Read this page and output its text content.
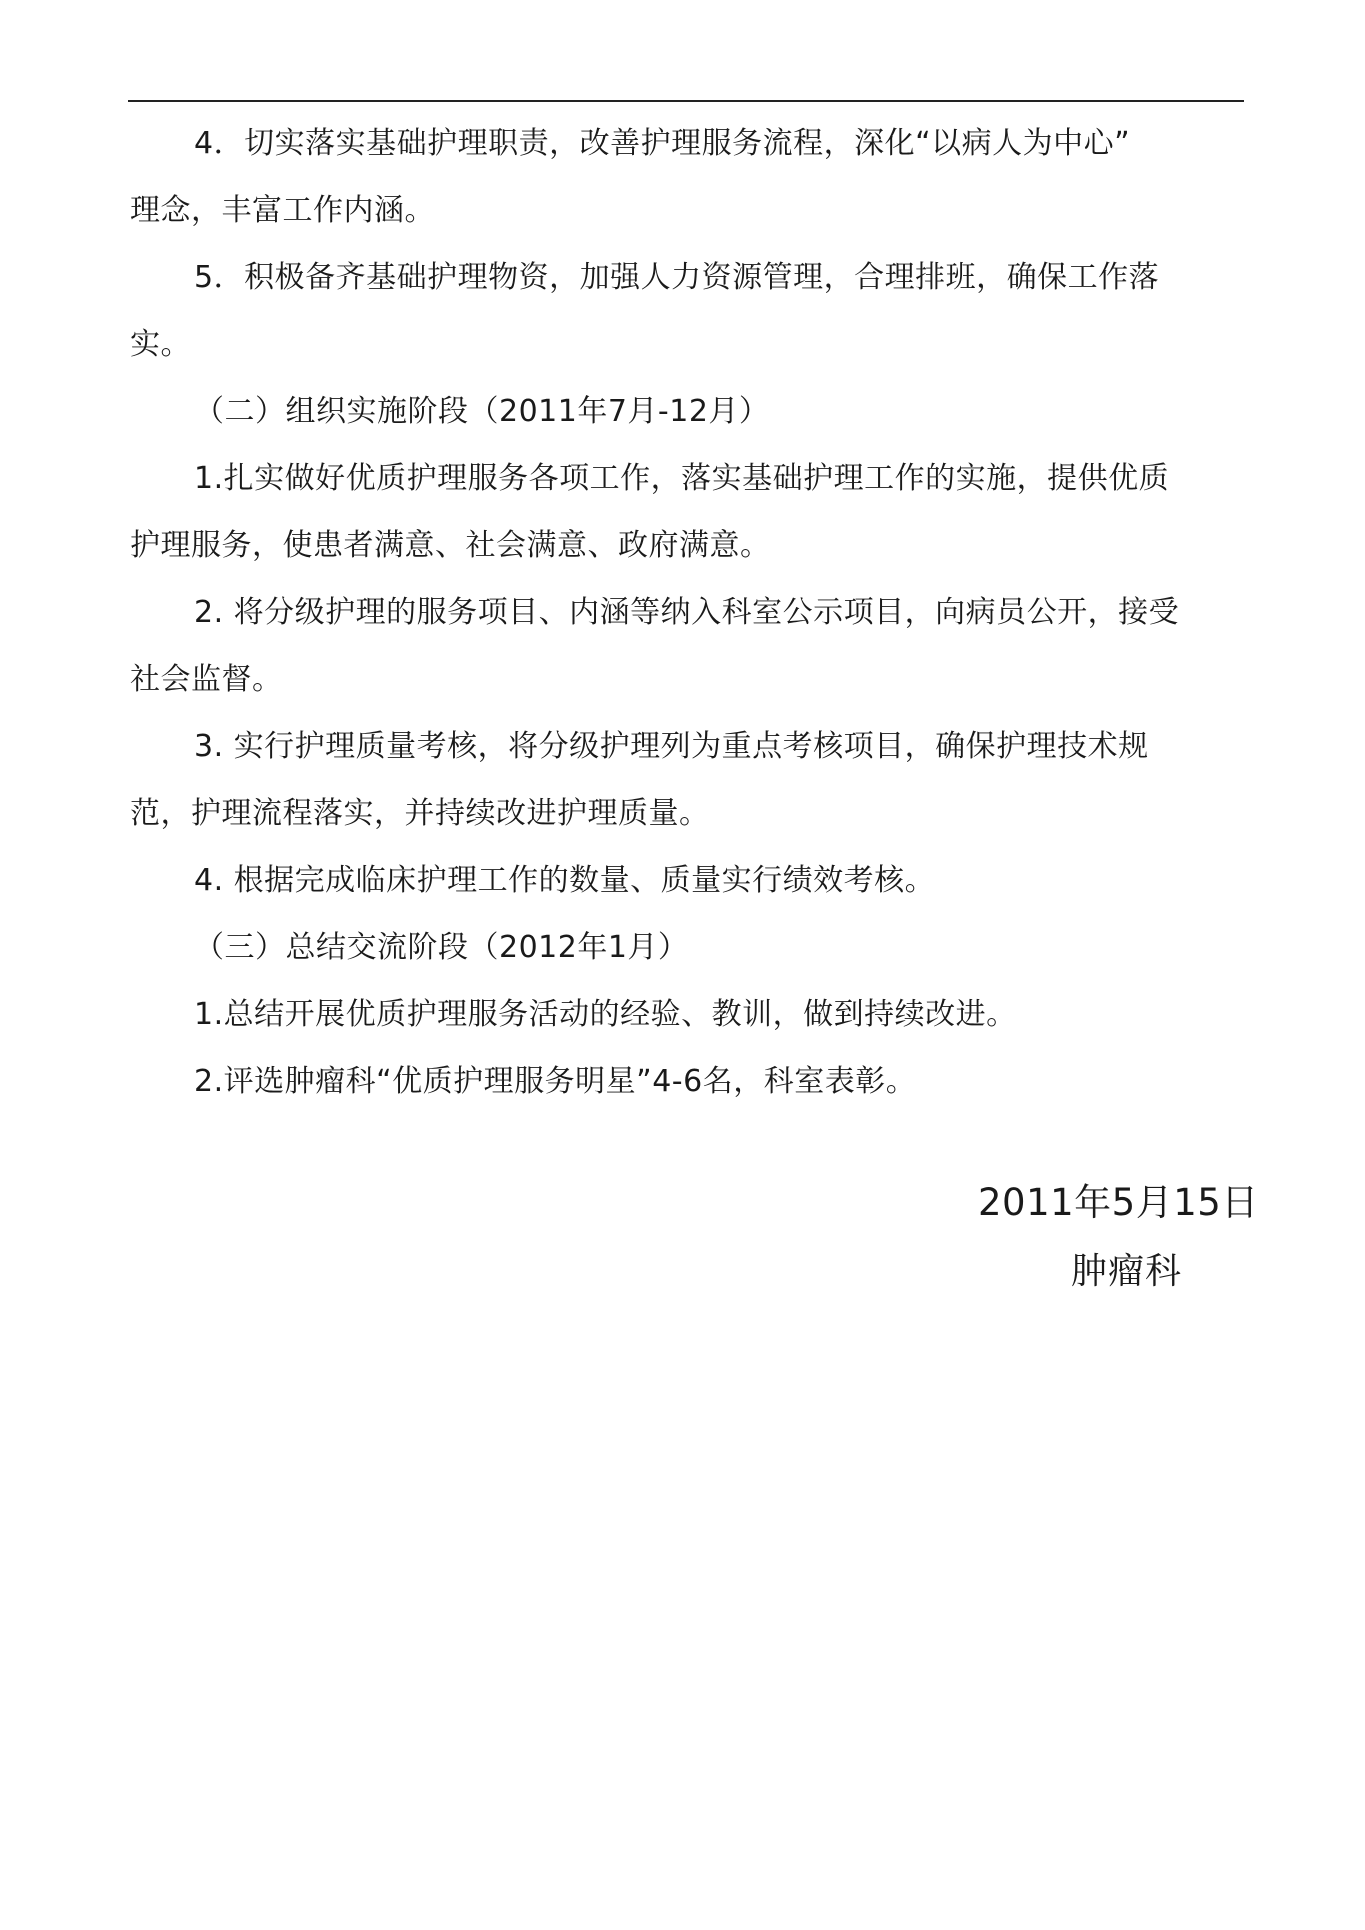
4．切实落实基础护理职责，改善护理服务流程，深化“以病人为中心”
理念，丰富工作内涵。

5．积极备齐基础护理物资，加强人力资源管理，合理排班，确保工作落
实。

（二）组织实施阶段（2011年7月-12月）

1.扎实做好优质护理服务各项工作，落实基础护理工作的实施，提供优质
护理服务，使患者满意、社会满意、政府满意。

2. 将分级护理的服务项目、内涵等纳入科室公示项目，向病员公开，接受
社会监督。

3. 实行护理质量考核，将分级护理列为重点考核项目，确保护理技术规
范，护理流程落实，并持续改进护理质量。

4. 根据完成临床护理工作的数量、质量实行绩效考核。

（三）总结交流阶段（2012年1月）

1.总结开展优质护理服务活动的经验、教训，做到持续改进。

2.评选肿瘤科“优质护理服务明星”4-6名，科室表彰。

2011年5月15日
肿瘤科
